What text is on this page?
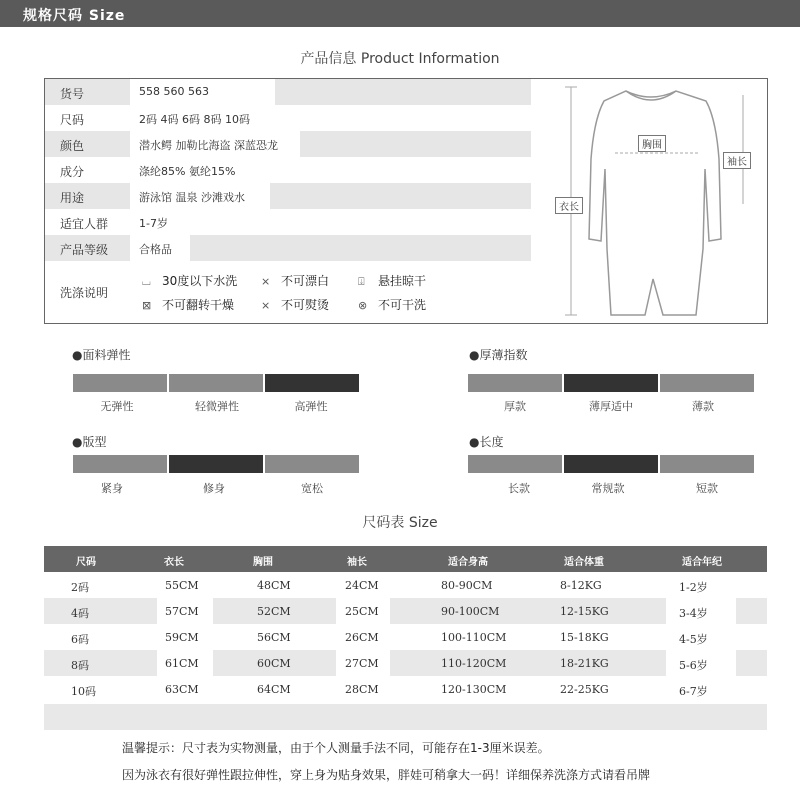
规格尺码 Size
产品信息 Product Information
货号	558 560 563
尺码	2码 4码 6码 8码 10码
颜色	潜水鳄 加勒比海盗 深蓝恐龙
成分	涤纶85% 氨纶15%
用途	游泳馆 温泉 沙滩戏水
适宜人群	1-7岁
产品等级	合格品
洗涤说明
⌴ 30度以下水洗 ⨯ 不可漂白	⍗ 悬挂晾干
⊠ 不可翻转干燥 ⨯ 不可熨烫	⊗ 不可干洗
胸围
袖长
衣长
●面料弹性
无弹性	轻微弹性	高弹性
●厚薄指数
厚款	薄厚适中	薄款
●版型
紧身	修身	宽松
●长度
长款	常规款	短款
尺码表 Size
尺码	衣长	胸围	袖长	适合身高	适合体重	适合年纪
2码	55CM	48CM	24CM	80-90CM	8-12KG	1-2岁
4码	57CM	52CM	25CM	90-100CM	12-15KG	3-4岁
6码	59CM	56CM	26CM	100-110CM	15-18KG	4-5岁
8码	61CM	60CM	27CM	110-120CM	18-21KG	5-6岁
10码	63CM	64CM	28CM	120-130CM	22-25KG	6-7岁
温馨提示：尺寸表为实物测量，由于个人测量手法不同，可能存在1-3厘米误差。
因为泳衣有很好弹性跟拉伸性，穿上身为贴身效果，胖娃可稍拿大一码！详细保养洗涤方式请看吊牌
